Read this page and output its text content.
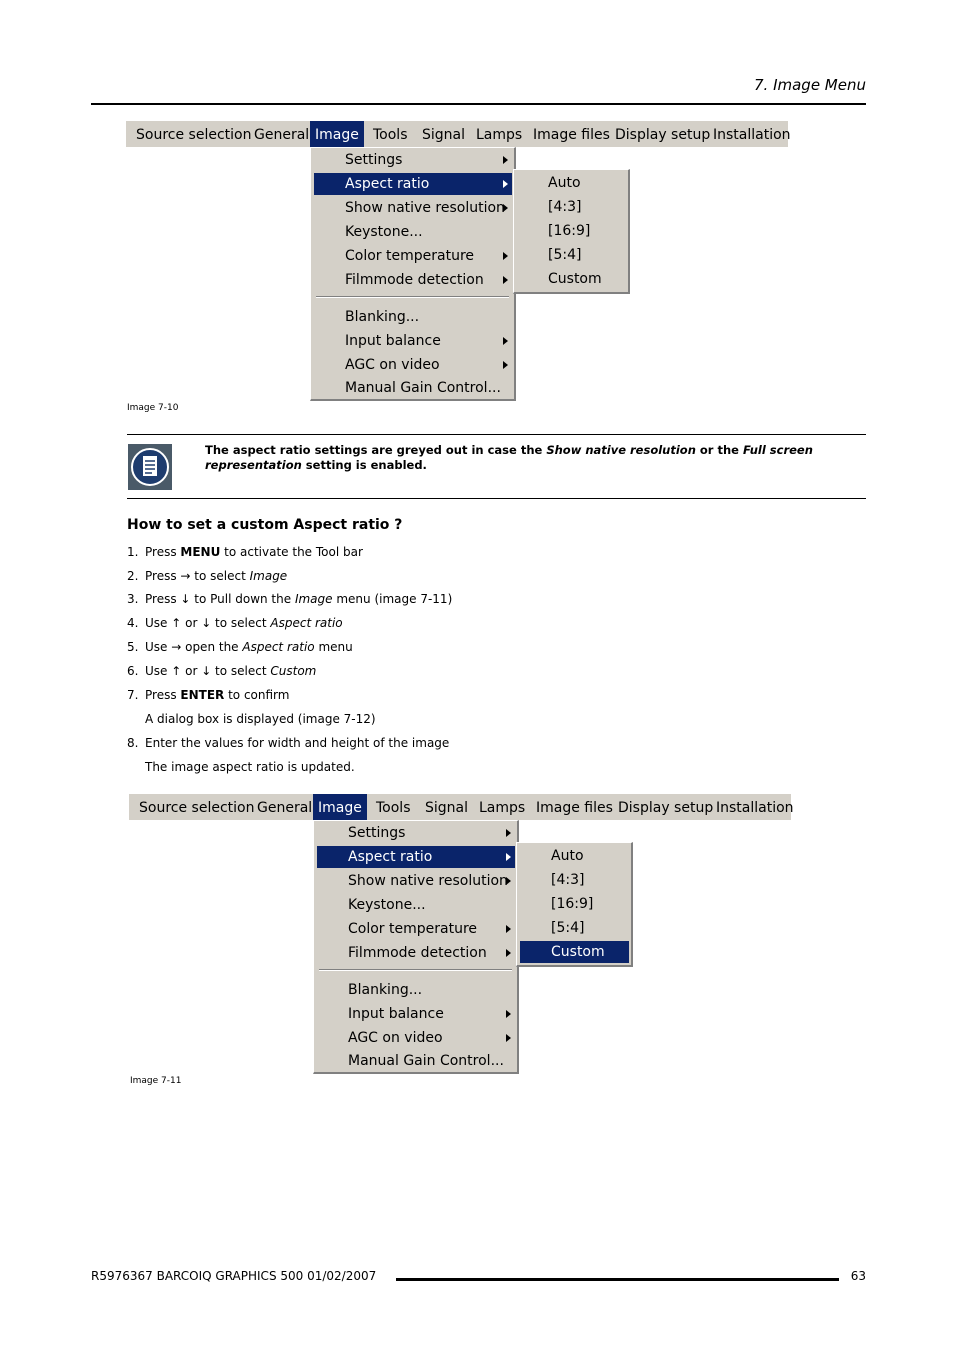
7. Image Menu
Source selection General Image	Tools	Signal Lamps Image files Display setup Installation
Settings
Aspect ratio
Show native resolution
Keystone...
Color temperature
Filmmode detection
Blanking...
Input balance
AGC on video
Manual Gain Control...
Auto
[4:3]
[16:9]
[5:4]
Custom
Image 7-10
The aspect ratio settings are greyed out in case the Show native resolution or the Full screen representation setting is enabled.
How to set a custom Aspect ratio ?
1. Press MENU to activate the Tool bar
2. Press → to select Image
3. Press ↓ to Pull down the Image menu (image 7-11)
4. Use ↑ or ↓ to select Aspect ratio
5. Use → open the Aspect ratio menu
6. Use ↑ or ↓ to select Custom
7. Press ENTER to confirm
A dialog box is displayed (image 7-12)
8. Enter the values for width and height of the image
The image aspect ratio is updated.
Source selection General Image	Tools	Signal Lamps Image files Display setup Installation
Settings
Aspect ratio
Show native resolution
Keystone...
Color temperature
Filmmode detection
Blanking...
Input balance
AGC on video
Manual Gain Control...
Auto
[4:3]
[16:9]
[5:4]
Custom
Image 7-11
R5976367 BARCOIQ GRAPHICS 500 01/02/2007	63
